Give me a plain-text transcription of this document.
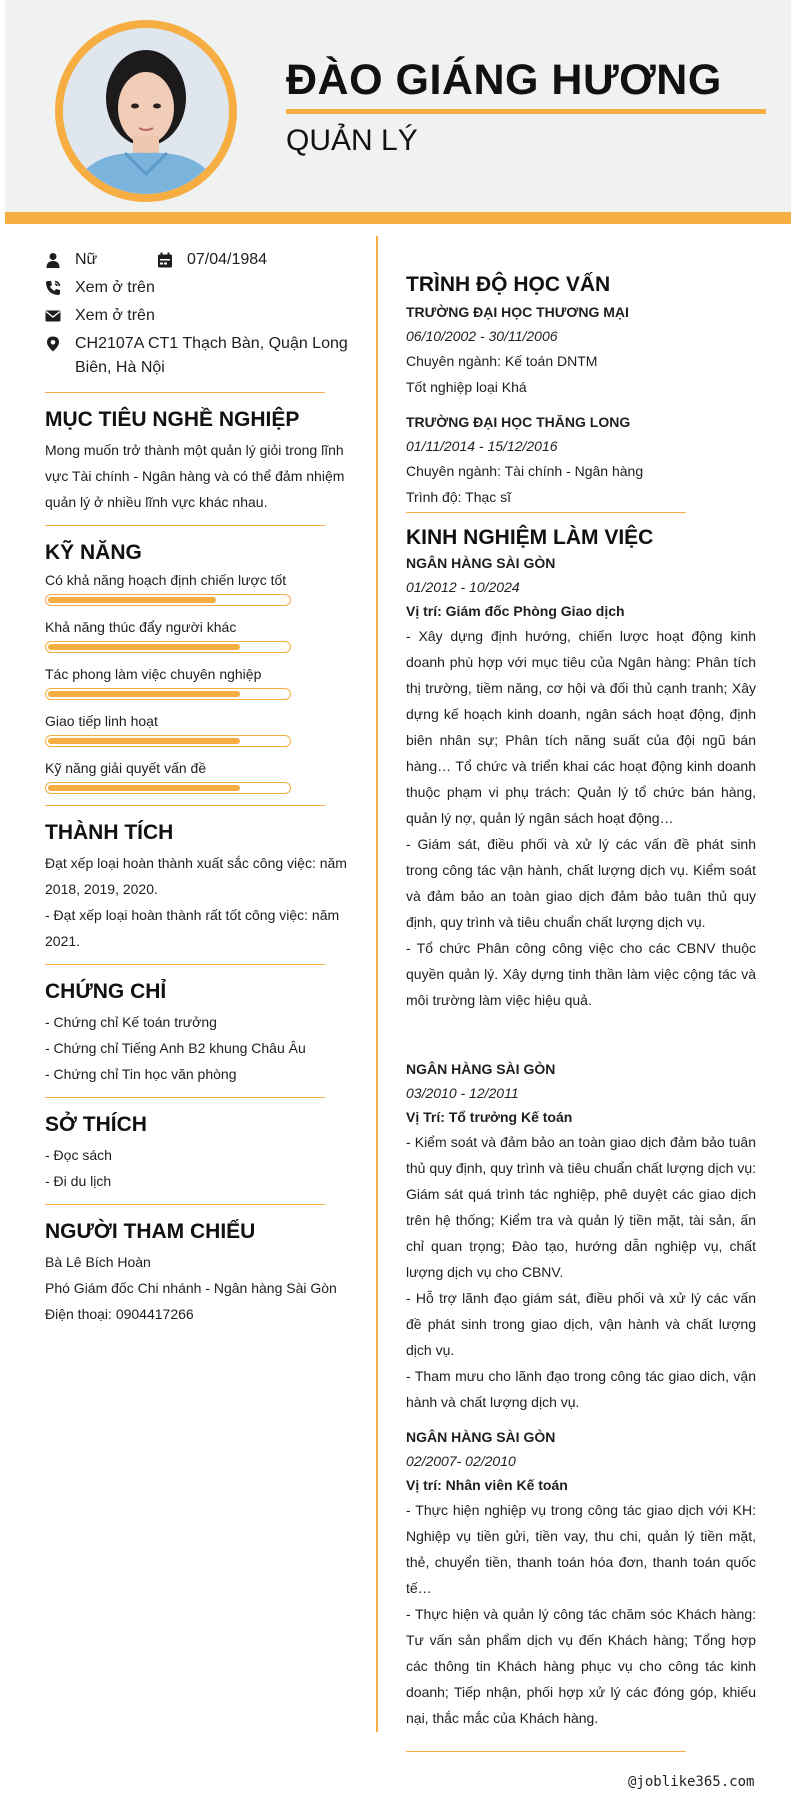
ĐÀO GIÁNG HƯƠNG
QUẢN LÝ
Nữ	07/04/1984
Xem ở trên
Xem ở trên
CH2107A CT1 Thạch Bàn, Quận Long
Biên, Hà Nội
MỤC TIÊU NGHỀ NGHIỆP

Mong muốn trở thành một quản lý giỏi trong lĩnh

vực Tài chính - Ngân hàng và có thể đảm nhiệm

quản lý ở nhiều lĩnh vực khác nhau.

KỸ NĂNG
Có khả năng hoạch định chiến lược tốt
Khả năng thúc đẩy người khác
Tác phong làm việc chuyên nghiệp
Giao tiếp linh hoạt
Kỹ năng giải quyết vấn đề
THÀNH TÍCH

Đạt xếp loại hoàn thành xuất sắc công việc: năm

2018, 2019, 2020.

- Đạt xếp loại hoàn thành rất tốt công việc: năm

2021.

CHỨNG CHỈ

- Chứng chỉ Kế toán trưởng

- Chứng chỉ Tiếng Anh B2 khung Châu Âu

- Chứng chỉ Tin học văn phòng

SỞ THÍCH

- Đọc sách

- Đi du lịch

NGƯỜI THAM CHIẾU

Bà Lê Bích Hoàn

Phó Giám đốc Chi nhánh - Ngân hàng Sài Gòn

Điện thoại: 0904417266

TRÌNH ĐỘ HỌC VẤN

TRƯỜNG ĐẠI HỌC THƯƠNG MẠI

06/10/2002 - 30/11/2006

Chuyên ngành: Kế toán DNTM

Tốt nghiệp loại Khá

TRƯỜNG ĐẠI HỌC THĂNG LONG

01/11/2014 - 15/12/2016

Chuyên ngành: Tài chính - Ngân hàng

Trình độ: Thạc sĩ

KINH NGHIỆM LÀM VIỆC

NGÂN HÀNG SÀI GÒN

01/2012 - 10/2024

Vị trí: Giám đốc Phòng Giao dịch

- Xây dựng định hướng, chiến lược hoạt động kinh doanh phù hợp với mục tiêu của Ngân hàng: Phân tích thị trường, tiềm năng, cơ hội và đối thủ cạnh tranh; Xây dựng kế hoạch kinh doanh, ngân sách hoạt động, định biên nhân sự; Phân tích năng suất của đội ngũ bán hàng… Tổ chức và triển khai các hoạt động kinh doanh thuộc phạm vi phụ trách: Quản lý tổ chức bán hàng, quản lý nợ, quản lý ngân sách hoạt động…

- Giám sát, điều phối và xử lý các vấn đề phát sinh trong công tác vận hành, chất lượng dịch vụ. Kiểm soát và đảm bảo an toàn giao dịch đảm bảo tuân thủ quy định, quy trình và tiêu chuẩn chất lượng dịch vụ.

- Tổ chức Phân công công việc cho các CBNV thuộc quyền quản lý. Xây dựng tinh thần làm việc cộng tác và môi trường làm việc hiệu quả.

NGÂN HÀNG SÀI GÒN

03/2010 - 12/2011

Vị Trí: Tổ trưởng Kế toán

- Kiểm soát và đảm bảo an toàn giao dịch đảm bảo tuân thủ quy định, quy trình và tiêu chuẩn chất lượng dịch vụ: Giám sát quá trình tác nghiệp, phê duyệt các giao dịch trên hệ thống; Kiểm tra và quản lý tiền mặt, tài sản, ấn chỉ quan trọng; Đào tạo, hướng dẫn nghiệp vụ, chất lượng dịch vụ cho CBNV.

- Hỗ trợ lãnh đạo giám sát, điều phối và xử lý các vấn đề phát sinh trong giao dịch, vận hành và chất lượng dịch vụ.

- Tham mưu cho lãnh đạo trong công tác giao dich, vận hành và chất lượng dịch vụ.

NGÂN HÀNG SÀI GÒN

02/2007- 02/2010

Vị trí: Nhân viên Kế toán

- Thực hiện nghiệp vụ trong công tác giao dịch với KH: Nghiệp vụ tiền gửi, tiền vay, thu chi, quản lý tiền mặt, thẻ, chuyển tiền, thanh toán hóa đơn, thanh toán quốc tế…

- Thực hiện và quản lý công tác chăm sóc Khách hàng: Tư vấn sản phẩm dịch vụ đến Khách hàng; Tổng hợp các thông tin Khách hàng phục vụ cho công tác kinh doanh; Tiếp nhận, phối hợp xử lý các đóng góp, khiếu nại, thắc mắc của Khách hàng.

@joblike365.com
